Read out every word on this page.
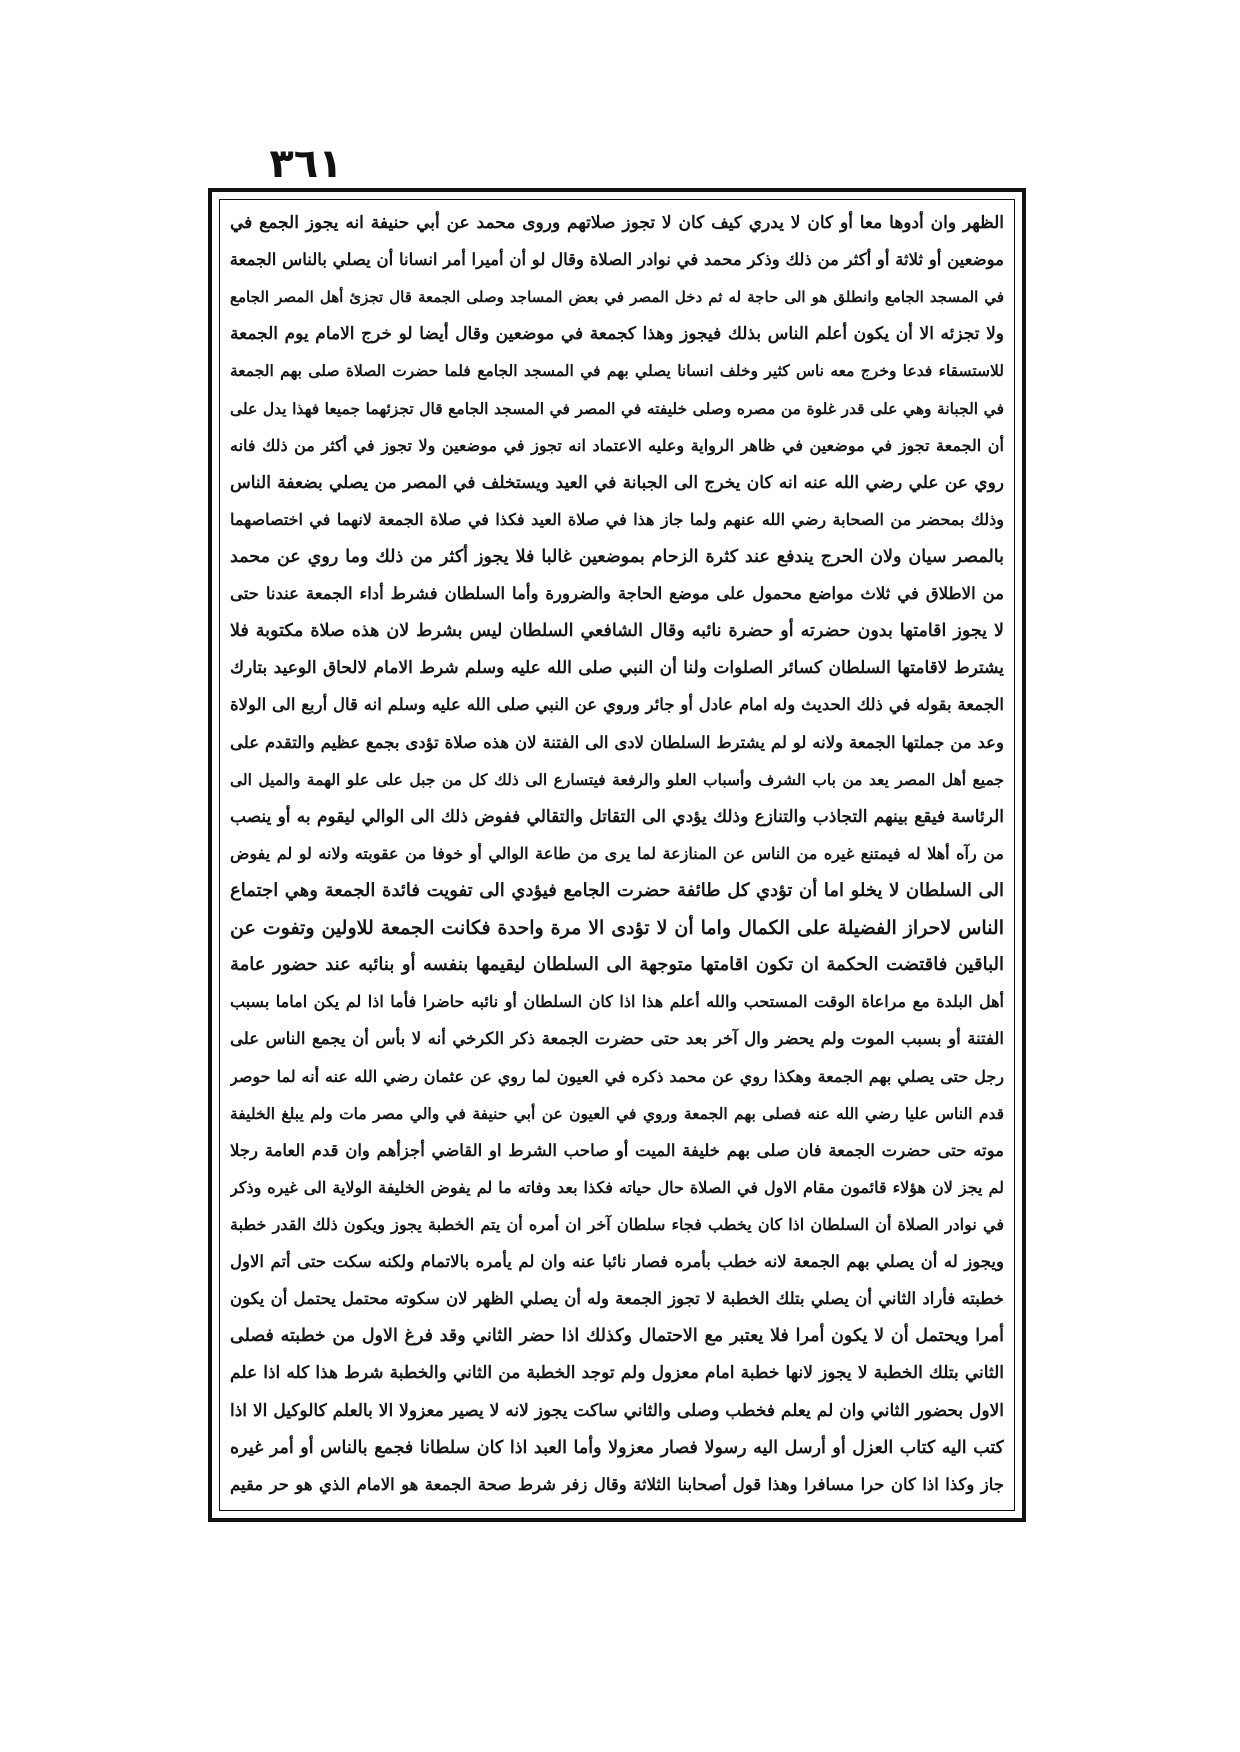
٣٦١
الظهر وان أدوها معا أو كان لا يدري كيف كان لا تجوز صلاتهم وروى محمد عن أبي حنيفة انه يجوز الجمع في
موضعين أو ثلاثة أو أكثر من ذلك وذكر محمد في نوادر الصلاة وقال لو أن أميرا أمر انسانا أن يصلي بالناس الجمعة
في المسجد الجامع وانطلق هو الى حاجة له ثم دخل المصر في بعض المساجد وصلى الجمعة قال تجزئ أهل المصر الجامع
ولا تجزئه الا أن يكون أعلم الناس بذلك فيجوز وهذا كجمعة في موضعين وقال أيضا لو خرج الامام يوم الجمعة
للاستسقاء فدعا وخرج معه ناس كثير وخلف انسانا يصلي بهم في المسجد الجامع فلما حضرت الصلاة صلى بهم الجمعة
في الجبانة وهي على قدر غلوة من مصره وصلى خليفته في المصر في المسجد الجامع قال تجزئهما جميعا فهذا يدل على
أن الجمعة تجوز في موضعين في ظاهر الرواية وعليه الاعتماد انه تجوز في موضعين ولا تجوز في أكثر من ذلك فانه
روي عن علي رضي الله عنه انه كان يخرج الى الجبانة في العيد ويستخلف في المصر من يصلي بضعفة الناس
وذلك بمحضر من الصحابة رضي الله عنهم ولما جاز هذا في صلاة العيد فكذا في صلاة الجمعة لانهما في اختصاصهما
بالمصر سيان ولان الحرج يندفع عند كثرة الزحام بموضعين غالبا فلا يجوز أكثر من ذلك وما روي عن محمد
من الاطلاق في ثلاث مواضع محمول على موضع الحاجة والضرورة وأما السلطان فشرط أداء الجمعة عندنا حتى
لا يجوز اقامتها بدون حضرته أو حضرة نائبه وقال الشافعي السلطان ليس بشرط لان هذه صلاة مكتوبة فلا
يشترط لاقامتها السلطان كسائر الصلوات ولنا أن النبي صلى الله عليه وسلم شرط الامام لالحاق الوعيد بتارك
الجمعة بقوله في ذلك الحديث وله امام عادل أو جائر وروي عن النبي صلى الله عليه وسلم انه قال أربع الى الولاة
وعد من جملتها الجمعة ولانه لو لم يشترط السلطان لادى الى الفتنة لان هذه صلاة تؤدى بجمع عظيم والتقدم على
جميع أهل المصر يعد من باب الشرف وأسباب العلو والرفعة فيتسارع الى ذلك كل من جبل على علو الهمة والميل الى
الرئاسة فيقع بينهم التجاذب والتنازع وذلك يؤدي الى التقاتل والتقالي ففوض ذلك الى الوالي ليقوم به أو ينصب
من رآه أهلا له فيمتنع غيره من الناس عن المنازعة لما يرى من طاعة الوالي أو خوفا من عقوبته ولانه لو لم يفوض
الى السلطان لا يخلو اما أن تؤدي كل طائفة حضرت الجامع فيؤدي الى تفويت فائدة الجمعة وهي اجتماع
الناس لاحراز الفضيلة على الكمال واما أن لا تؤدى الا مرة واحدة فكانت الجمعة للاولين وتفوت عن
الباقين فاقتضت الحكمة ان تكون اقامتها متوجهة الى السلطان ليقيمها بنفسه أو بنائبه عند حضور عامة
أهل البلدة مع مراعاة الوقت المستحب والله أعلم هذا اذا كان السلطان أو نائبه حاضرا فأما اذا لم يكن اماما بسبب
الفتنة أو بسبب الموت ولم يحضر وال آخر بعد حتى حضرت الجمعة ذكر الكرخي أنه لا بأس أن يجمع الناس على
رجل حتى يصلي بهم الجمعة وهكذا روي عن محمد ذكره في العيون لما روي عن عثمان رضي الله عنه أنه لما حوصر
قدم الناس عليا رضي الله عنه فصلى بهم الجمعة وروي في العيون عن أبي حنيفة في والي مصر مات ولم يبلغ الخليفة
موته حتى حضرت الجمعة فان صلى بهم خليفة الميت أو صاحب الشرط او القاضي أجزأهم وان قدم العامة رجلا
لم يجز لان هؤلاء قائمون مقام الاول في الصلاة حال حياته فكذا بعد وفاته ما لم يفوض الخليفة الولاية الى غيره وذكر
في نوادر الصلاة أن السلطان اذا كان يخطب فجاء سلطان آخر ان أمره أن يتم الخطبة يجوز ويكون ذلك القدر خطبة
ويجوز له أن يصلي بهم الجمعة لانه خطب بأمره فصار نائبا عنه وان لم يأمره بالاتمام ولكنه سكت حتى أتم الاول
خطبته فأراد الثاني أن يصلي بتلك الخطبة لا تجوز الجمعة وله أن يصلي الظهر لان سكوته محتمل يحتمل أن يكون
أمرا ويحتمل أن لا يكون أمرا فلا يعتبر مع الاحتمال وكذلك اذا حضر الثاني وقد فرغ الاول من خطبته فصلى
الثاني بتلك الخطبة لا يجوز لانها خطبة امام معزول ولم توجد الخطبة من الثاني والخطبة شرط هذا كله اذا علم
الاول بحضور الثاني وان لم يعلم فخطب وصلى والثاني ساكت يجوز لانه لا يصير معزولا الا بالعلم كالوكيل الا اذا
كتب اليه كتاب العزل أو أرسل اليه رسولا فصار معزولا وأما العبد اذا كان سلطانا فجمع بالناس أو أمر غيره
جاز وكذا اذا كان حرا مسافرا وهذا قول أصحابنا الثلاثة وقال زفر شرط صحة الجمعة هو الامام الذي هو حر مقيم
